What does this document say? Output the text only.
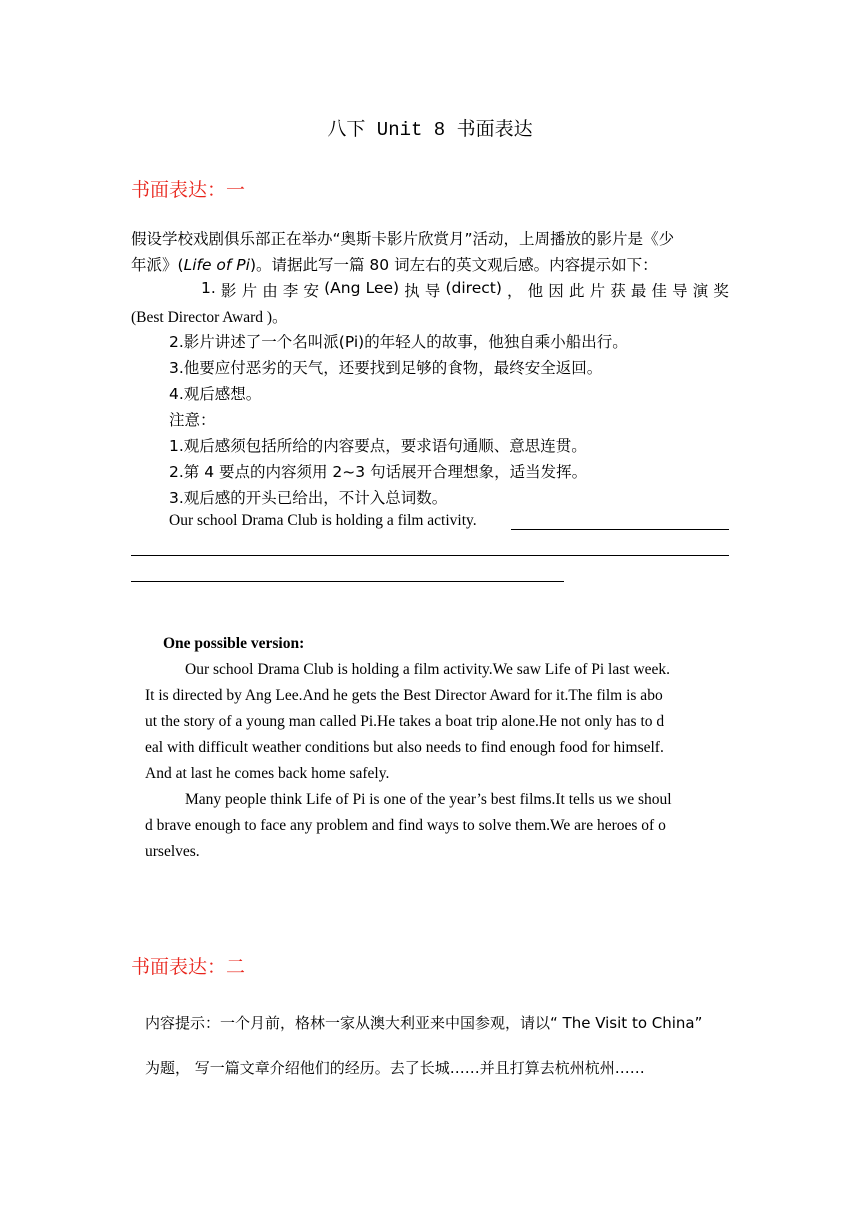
八下 Unit 8 书面表达
书面表达：一
假设学校戏剧俱乐部正在举办“奥斯卡影片欣赏月”活动，上周播放的影片是《少
年派》(Life of Pi)。请据此写一篇 80 词左右的英文观后感。内容提示如下：
1. 影 片 由 李 安 (Ang Lee) 执 导 (direct) ， 他 因 此 片 获 最 佳 导 演 奖
(Best Director Award )。
2.影片讲述了一个名叫派(Pi)的年轻人的故事，他独自乘小船出行。
3.他要应付恶劣的天气，还要找到足够的食物，最终安全返回。
4.观后感想。
注意：
1.观后感须包括所给的内容要点，要求语句通顺、意思连贯。
2.第 4 要点的内容须用 2~3 句话展开合理想象，适当发挥。
3.观后感的开头已给出，不计入总词数。
Our school Drama Club is holding a film activity.
One possible version:
Our school Drama Club is holding a film activity.We saw Life of Pi last week.
It is directed by Ang Lee.And he gets the Best Director Award for it.The film is abo
ut the story of a young man called Pi.He takes a boat trip alone.He not only has to d
eal with difficult weather conditions but also needs to find enough food for himself.
And at last he comes back home safely.
Many people think Life of Pi is one of the year’s best films.It tells us we shoul
d brave enough to face any problem and find ways to solve them.We are heroes of o
urselves.
书面表达：二
内容提示：一个月前，格林一家从澳大利亚来中国参观，请以“ The Visit to China”
为题， 写一篇文章介绍他们的经历。去了长城……并且打算去杭州杭州……
